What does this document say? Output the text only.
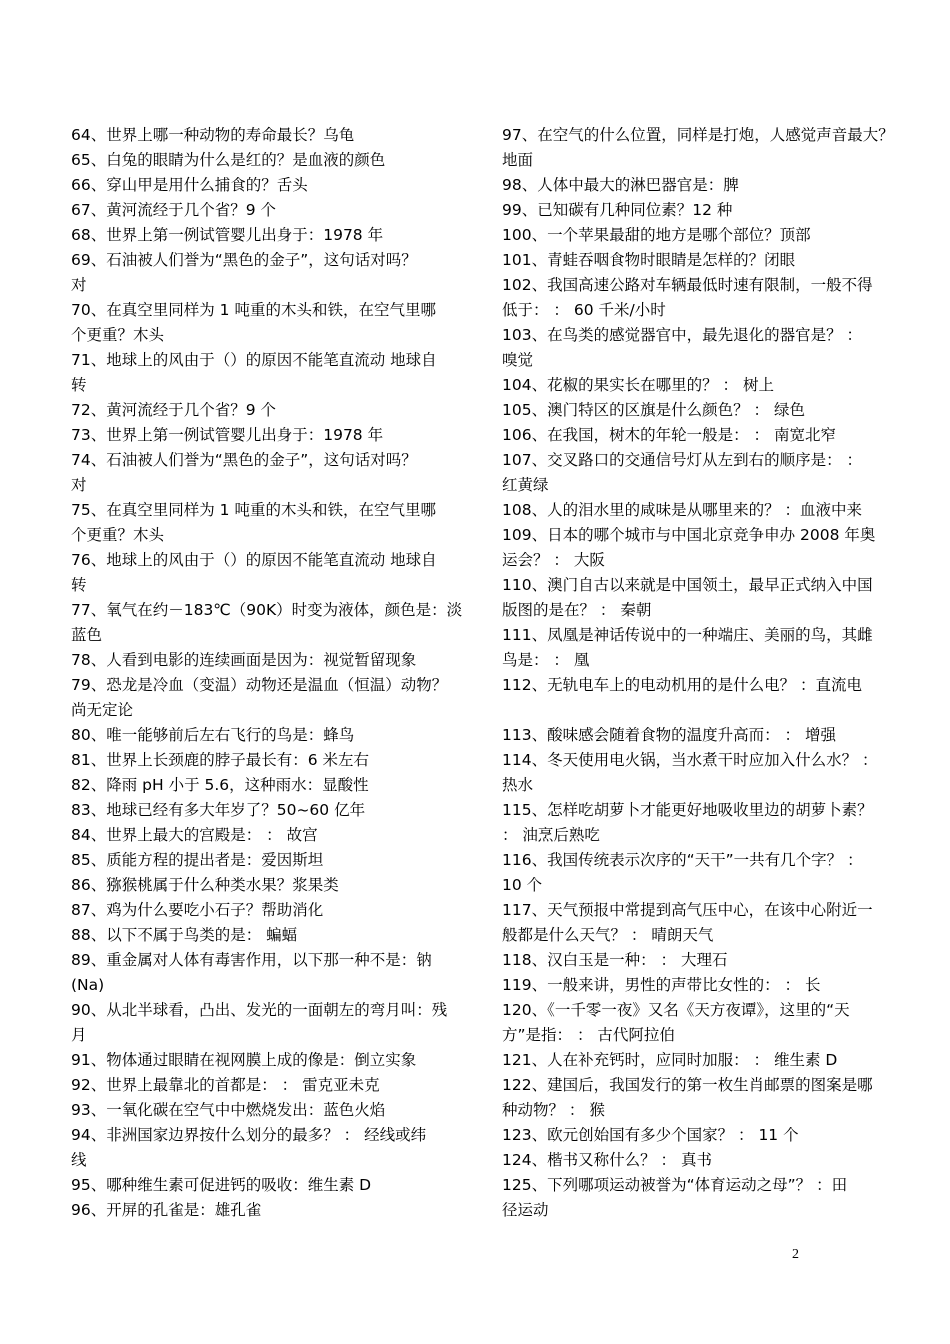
64、世界上哪一种动物的寿命最长？乌龟
65、白兔的眼睛为什么是红的？是血液的颜色
66、穿山甲是用什么捕食的？舌头
67、黄河流经于几个省？9 个
68、世界上第一例试管婴儿出身于：1978 年
69、石油被人们誉为“黑色的金子”，这句话对吗？
对
70、在真空里同样为 1 吨重的木头和铁，在空气里哪
个更重？木头
71、地球上的风由于（）的原因不能笔直流动 地球自
转
72、黄河流经于几个省？9 个
73、世界上第一例试管婴儿出身于：1978 年
74、石油被人们誉为“黑色的金子”，这句话对吗？
对
75、在真空里同样为 1 吨重的木头和铁，在空气里哪
个更重？木头
76、地球上的风由于（）的原因不能笔直流动 地球自
转
77、氧气在约－183℃（90K）时变为液体，颜色是：淡
蓝色
78、人看到电影的连续画面是因为：视觉暂留现象
79、恐龙是冷血（变温）动物还是温血（恒温）动物？
尚无定论
80、唯一能够前后左右飞行的鸟是：蜂鸟
81、世界上长颈鹿的脖子最长有：6 米左右
82、降雨 pH 小于 5.6，这种雨水：显酸性
83、地球已经有多大年岁了？50~60 亿年
84、世界上最大的宫殿是： ： 故宫
85、质能方程的提出者是：爱因斯坦
86、猕猴桃属于什么种类水果？浆果类
87、鸡为什么要吃小石子？帮助消化
88、以下不属于鸟类的是： 蝙蝠
89、重金属对人体有毒害作用，以下那一种不是：钠
(Na)
90、从北半球看，凸出、发光的一面朝左的弯月叫：残
月
91、物体通过眼睛在视网膜上成的像是：倒立实象
92、世界上最靠北的首都是： ： 雷克亚未克
93、一氧化碳在空气中中燃烧发出：蓝色火焰
94、非洲国家边界按什么划分的最多？ ： 经线或纬
线
95、哪种维生素可促进钙的吸收：维生素 D
96、开屏的孔雀是：雄孔雀
97、在空气的什么位置，同样是打炮，人感觉声音最大？
地面
98、人体中最大的淋巴器官是：脾
99、已知碳有几种同位素？12 种
100、一个苹果最甜的地方是哪个部位？顶部
101、青蛙吞咽食物时眼睛是怎样的？闭眼
102、我国高速公路对车辆最低时速有限制，一般不得
低于： ： 60 千米/小时
103、在鸟类的感觉器官中，最先退化的器官是？ ：
嗅觉
104、花椒的果实长在哪里的？ ： 树上
105、澳门特区的区旗是什么颜色？ ： 绿色
106、在我国，树木的年轮一般是： ： 南宽北窄
107、交叉路口的交通信号灯从左到右的顺序是： ：
红黄绿
108、人的泪水里的咸味是从哪里来的？ ：血液中来
109、日本的哪个城市与中国北京竞争申办 2008 年奥
运会？ ： 大阪
110、澳门自古以来就是中国领土，最早正式纳入中国
版图的是在？ ： 秦朝
111、凤凰是神话传说中的一种端庄、美丽的鸟，其雌
鸟是： ： 凰
112、无轨电车上的电动机用的是什么电？ ：直流电
113、酸味感会随着食物的温度升高而： ： 增强
114、冬天使用电火锅，当水煮干时应加入什么水？ ：
热水
115、怎样吃胡萝卜才能更好地吸收里边的胡萝卜素？
： 油烹后熟吃
116、我国传统表示次序的“天干”一共有几个字？ ：
10 个
117、天气预报中常提到高气压中心，在该中心附近一
般都是什么天气？ ： 晴朗天气
118、汉白玉是一种： ： 大理石
119、一般来讲，男性的声带比女性的： ： 长
120、《一千零一夜》又名《天方夜谭》，这里的“天
方”是指： ： 古代阿拉伯
121、人在补充钙时，应同时加服： ： 维生素 D
122、建国后，我国发行的第一枚生肖邮票的图案是哪
种动物？ ： 猴
123、欧元创始国有多少个国家？ ： 11 个
124、楷书又称什么？ ： 真书
125、下列哪项运动被誉为“体育运动之母”？ ：田
径运动
2
